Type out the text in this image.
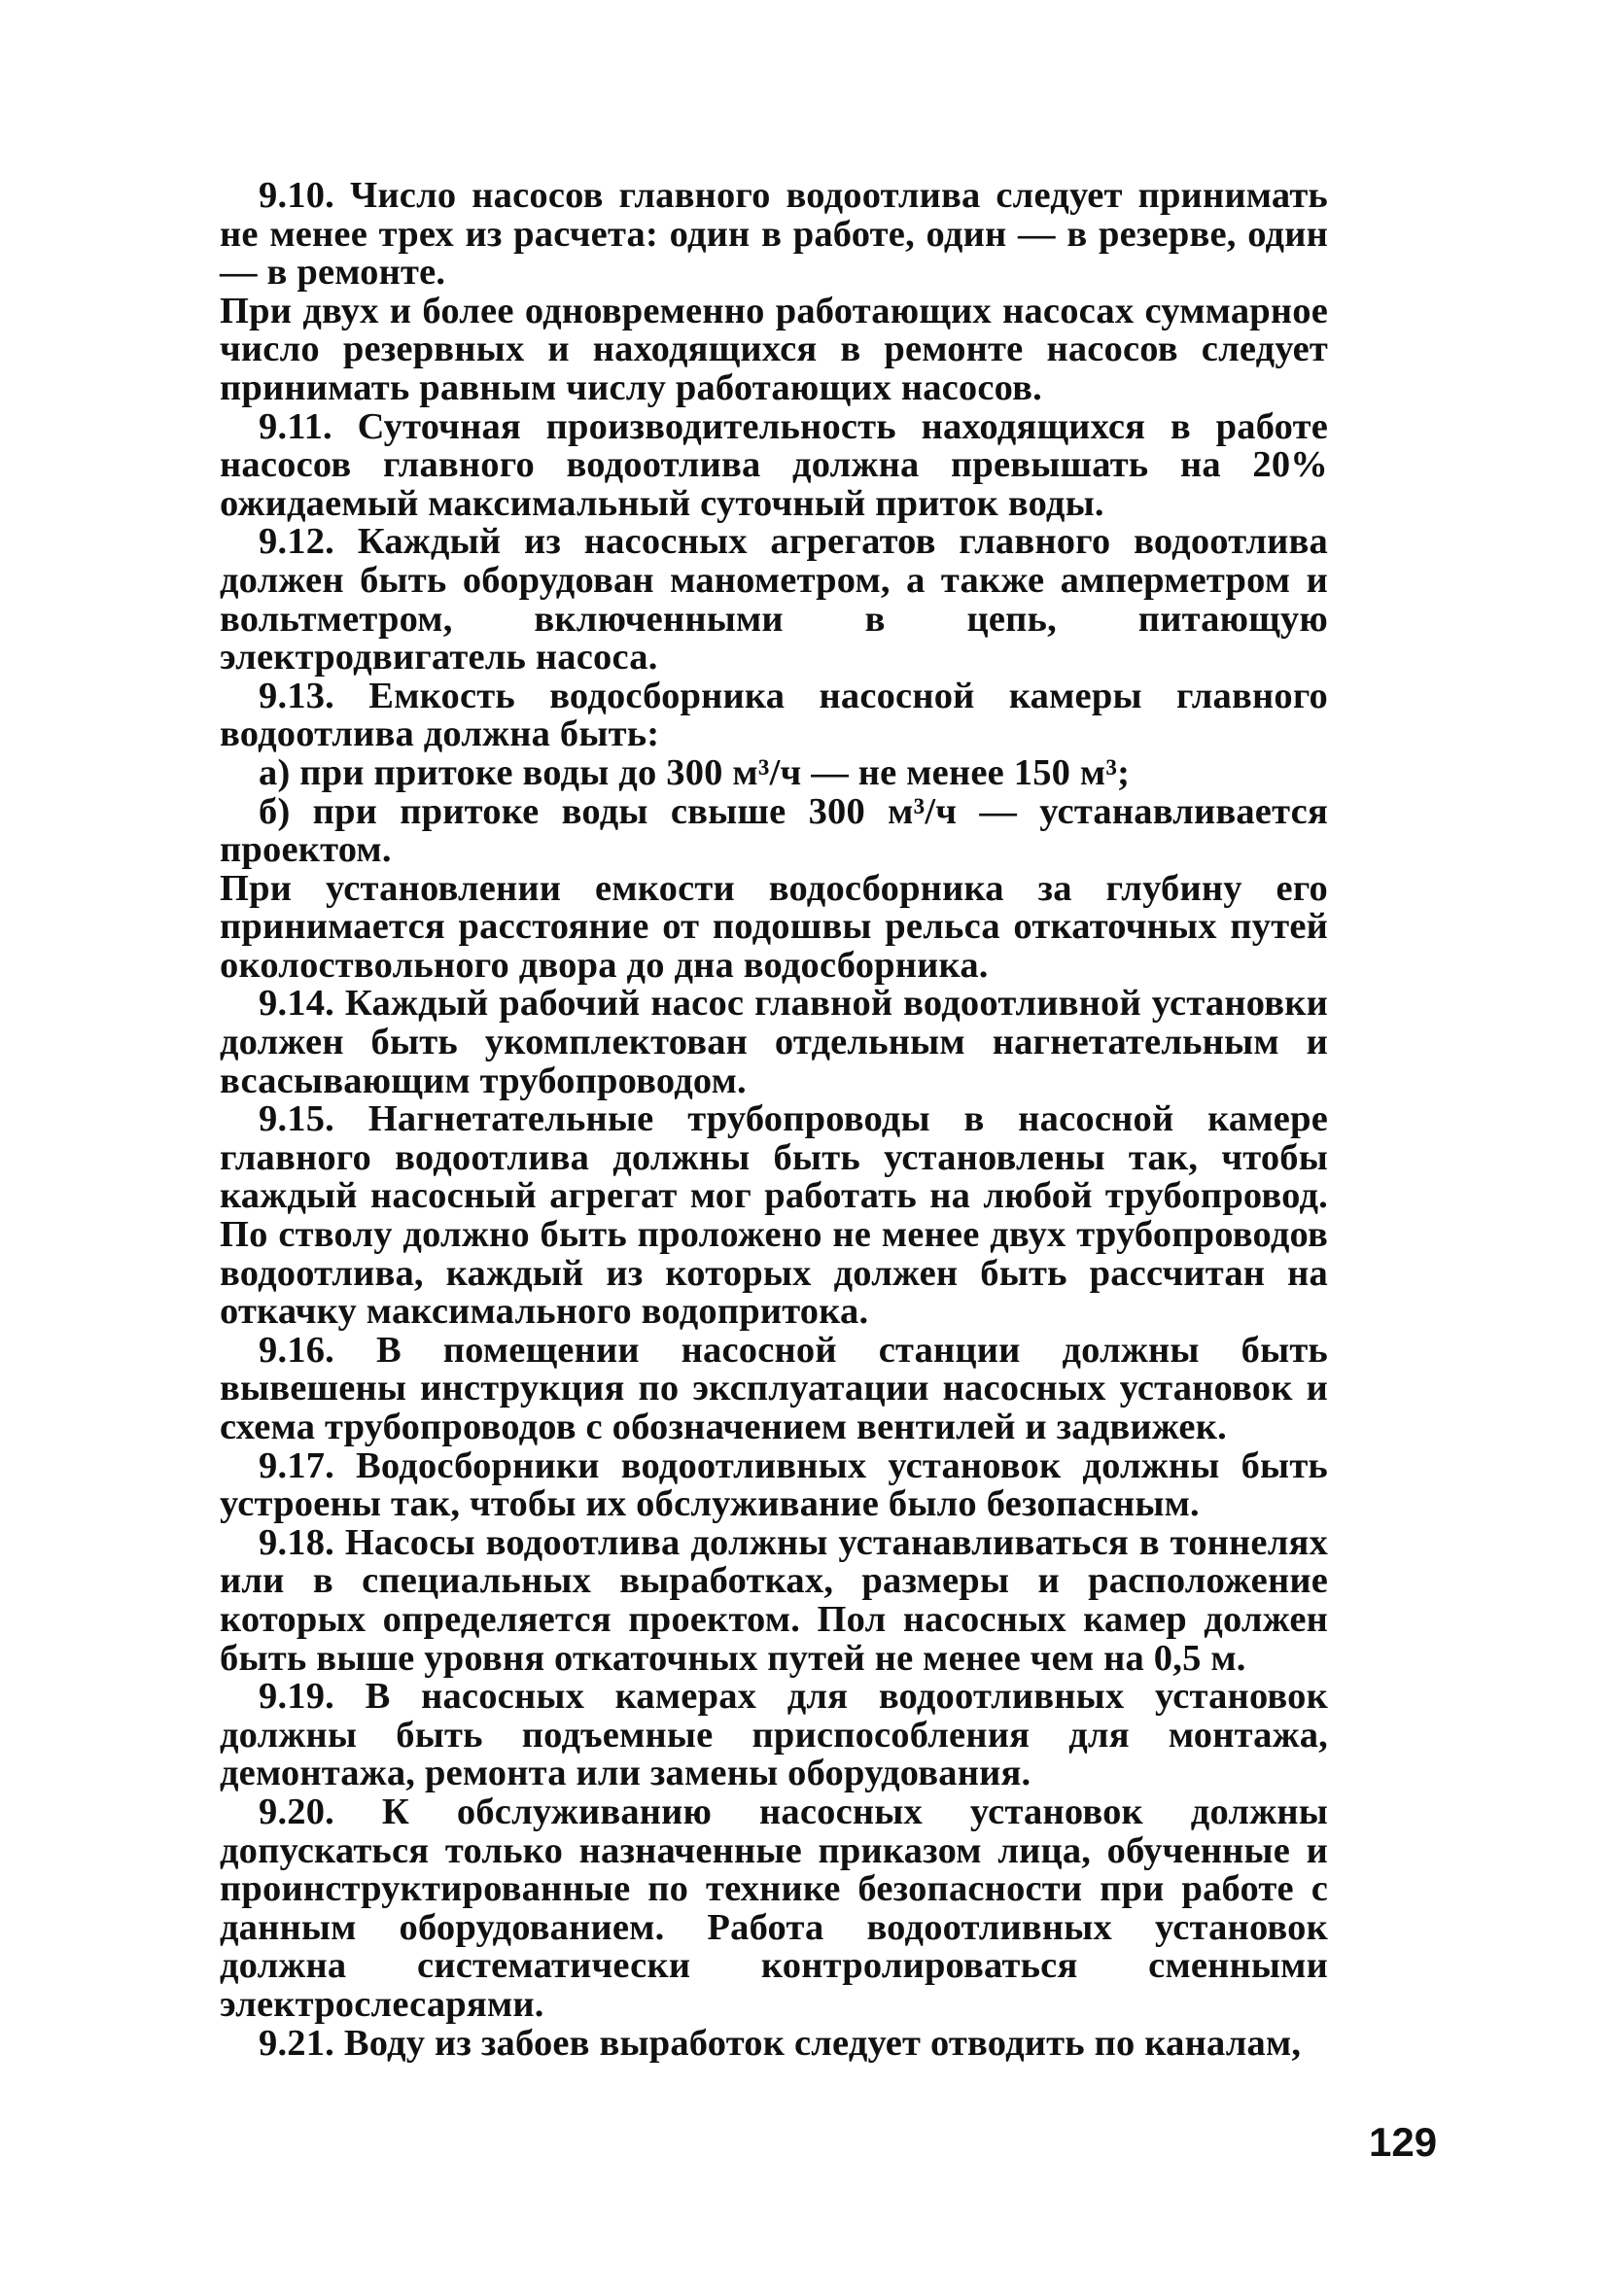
9.10. Число насосов главного водоотлива следует принимать не менее трех из расчета: один в работе, один — в резерве, один — в ремонте.

При двух и более одновременно работающих насосах суммарное число резервных и находящихся в ремонте насосов следует принимать равным числу работающих насосов.

9.11. Суточная производительность находящихся в работе насосов главного водоотлива должна превышать на 20% ожидаемый максимальный суточный приток воды.

9.12. Каждый из насосных агрегатов главного водоотлива должен быть оборудован манометром, а также амперметром и вольтметром, включенными в цепь, питающую электродвигатель насоса.

9.13. Емкость водосборника насосной камеры главного водоотлива должна быть:

а) при притоке воды до 300 м³/ч — не менее 150 м³;

б) при притоке воды свыше 300 м³/ч — устанавливается проектом.

При установлении емкости водосборника за глубину его принимается расстояние от подошвы рельса откаточных путей околоствольного двора до дна водосборника.

9.14. Каждый рабочий насос главной водоотливной установки должен быть укомплектован отдельным нагнетательным и всасывающим трубопроводом.

9.15. Нагнетательные трубопроводы в насосной камере главного водоотлива должны быть установлены так, чтобы каждый насосный агрегат мог работать на любой трубопровод. По стволу должно быть проложено не менее двух трубопроводов водоотлива, каждый из которых должен быть рассчитан на откачку максимального водопритока.

9.16. В помещении насосной станции должны быть вывешены инструкция по эксплуатации насосных установок и схема трубопроводов с обозначением вентилей и задвижек.

9.17. Водосборники водоотливных установок должны быть устроены так, чтобы их обслуживание было безопасным.

9.18. Насосы водоотлива должны устанавливаться в тоннелях или в специальных выработках, размеры и расположение которых определяется проектом. Пол насосных камер должен быть выше уровня откаточных путей не менее чем на 0,5 м.

9.19. В насосных камерах для водоотливных установок должны быть подъемные приспособления для монтажа, демонтажа, ремонта или замены оборудования.

9.20. К обслуживанию насосных установок должны допускаться только назначенные приказом лица, обученные и проинструктированные по технике безопасности при работе с данным оборудованием. Работа водоотливных установок должна систематически контролироваться сменными электрослесарями.

9.21. Воду из забоев выработок следует отводить по каналам,

129
